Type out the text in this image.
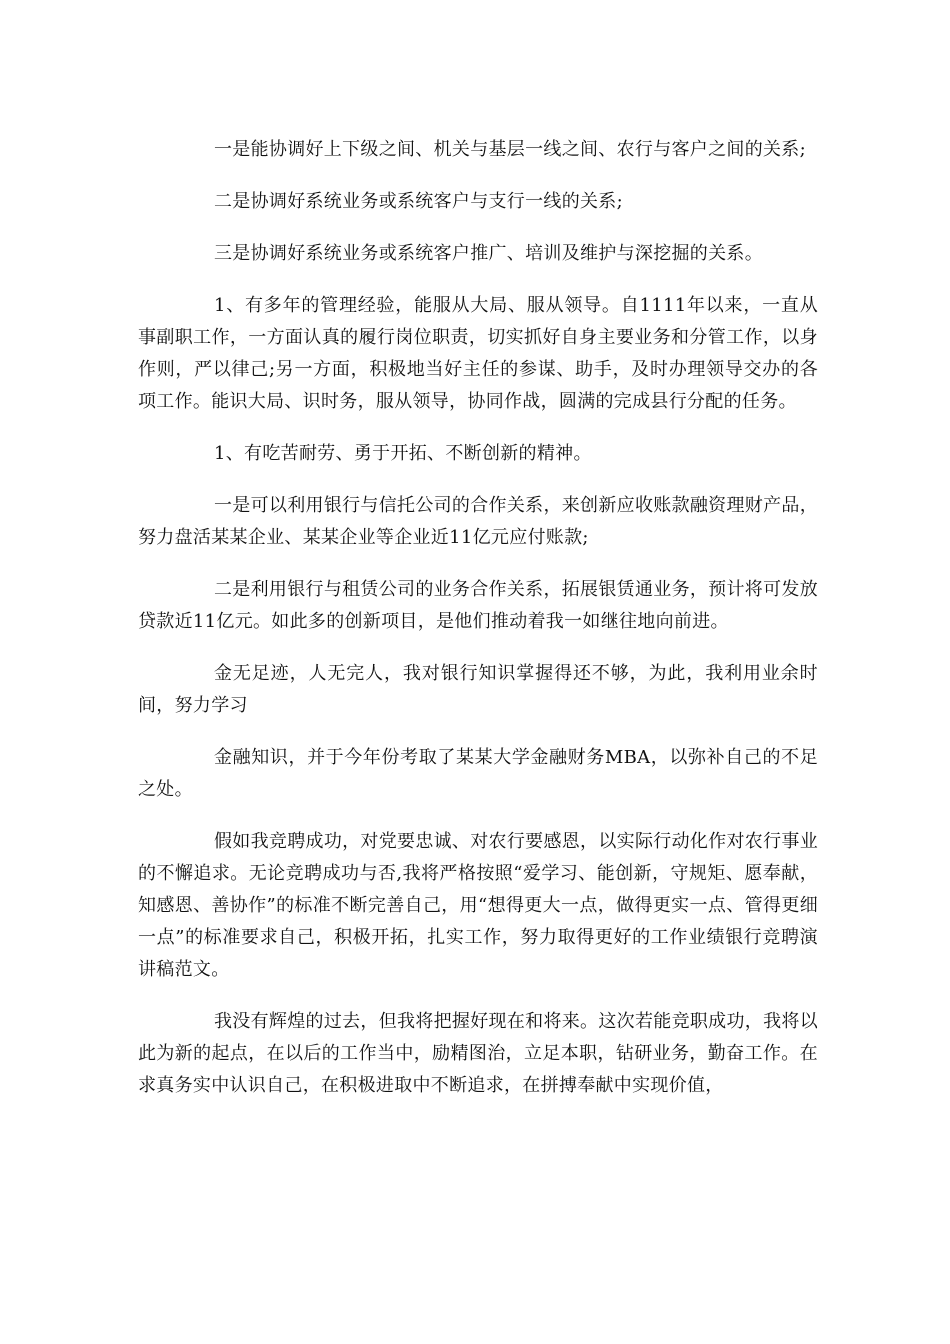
一是能协调好上下级之间、机关与基层一线之间、农行与客户之间的关系;

二是协调好系统业务或系统客户与支行一线的关系;

三是协调好系统业务或系统客户推广、培训及维护与深挖掘的关系。

1、有多年的管理经验，能服从大局、服从领导。自1111年以来，一直从事副职工作，一方面认真的履行岗位职责，切实抓好自身主要业务和分管工作，以身作则，严以律己;另一方面，积极地当好主任的参谋、助手，及时办理领导交办的各项工作。能识大局、识时务，服从领导，协同作战，圆满的完成县行分配的任务。

1、有吃苦耐劳、勇于开拓、不断创新的精神。

一是可以利用银行与信托公司的合作关系，来创新应收账款融资理财产品，努力盘活某某企业、某某企业等企业近11亿元应付账款;

二是利用银行与租赁公司的业务合作关系，拓展银赁通业务，预计将可发放贷款近11亿元。如此多的创新项目，是他们推动着我一如继往地向前进。

金无足迹，人无完人，我对银行知识掌握得还不够，为此，我利用业余时间，努力学习

金融知识，并于今年份考取了某某大学金融财务MBA，以弥补自己的不足之处。

假如我竞聘成功，对党要忠诚、对农行要感恩，以实际行动化作对农行事业的不懈追求。无论竞聘成功与否,我将严格按照“爱学习、能创新，守规矩、愿奉献，知感恩、善协作”的标准不断完善自己，用“想得更大一点，做得更实一点、管得更细一点”的标准要求自己，积极开拓，扎实工作，努力取得更好的工作业绩银行竞聘演讲稿范文。

我没有辉煌的过去，但我将把握好现在和将来。这次若能竞职成功，我将以此为新的起点，在以后的工作当中，励精图治，立足本职，钻研业务，勤奋工作。在求真务实中认识自己，在积极进取中不断追求，在拼搏奉献中实现价值，
